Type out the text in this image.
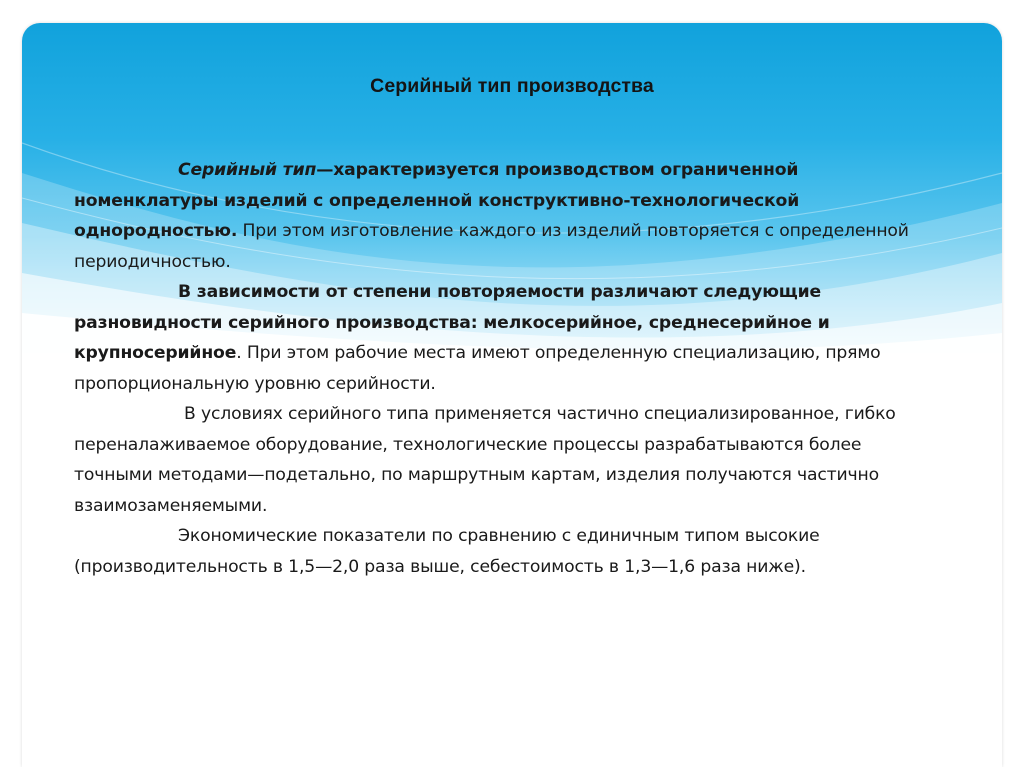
Серийный тип производства

Серийный тип—характеризуется производством ограниченной номенклатуры изделий с определенной конструктивно-технологической однородностью. При этом изготовление каждого из изделий повторяется с определенной периодичностью.

В зависимости от степени повторяемости различают следующие разновидности серийного производства: мелкосерийное, среднесерийное и крупносерийное. При этом рабочие места имеют определенную специализацию, прямо пропорциональную уровню серийности.

В условиях серийного типа применяется частично специализированное, гибко переналаживаемое оборудование, технологические процессы разрабатываются более точными методами—подетально, по маршрутным картам, изделия получаются частично взаимозаменяемыми.

Экономические показатели по сравнению с единичным типом высокие (производительность в 1,5—2,0 раза выше, себестоимость в 1,3—1,6 раза ниже).
